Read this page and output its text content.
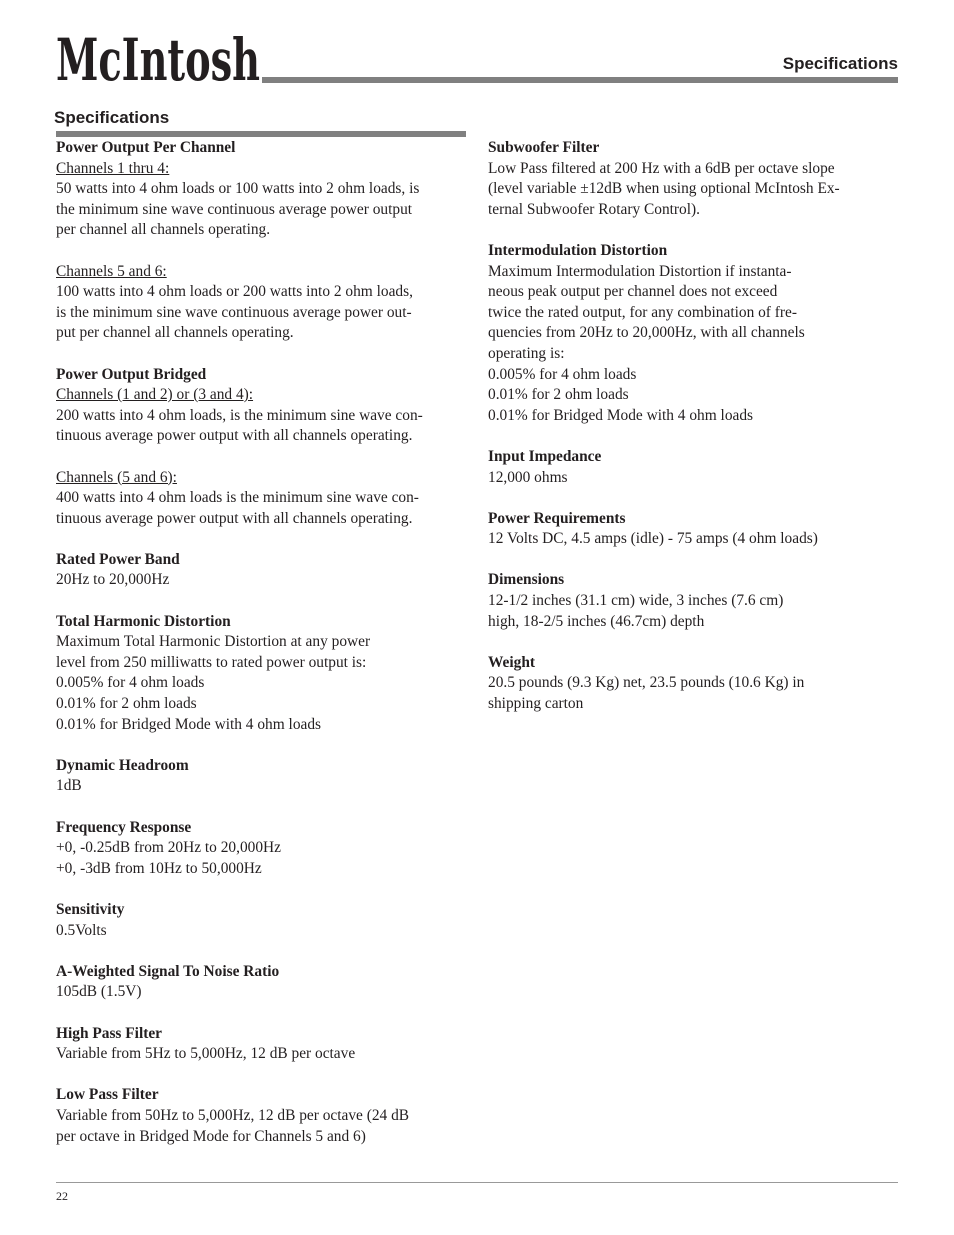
McIntosh	Specifications
Specifications
Power Output Per Channel
Channels 1 thru 4:
50 watts into 4 ohm loads or 100 watts into 2 ohm loads, is
the minimum sine wave continuous average power output
per channel all channels operating.
Channels 5 and 6:
100 watts into 4 ohm loads or 200 watts into 2 ohm loads,
is the minimum sine wave continuous average power out-
put per channel all channels operating.
Power Output Bridged
Channels (1 and 2) or (3 and 4):
200 watts into 4 ohm loads, is the minimum sine wave con-
tinuous average power output with all channels operating.
Channels (5 and 6):
400 watts into 4 ohm loads is the minimum sine wave con-
tinuous average power output with all channels operating.
Rated Power Band
20Hz to 20,000Hz
Total Harmonic Distortion
Maximum Total Harmonic Distortion at any power
level from 250 milliwatts to rated power output is:
0.005% for 4 ohm loads
0.01% for 2 ohm loads
0.01% for Bridged Mode with 4 ohm loads
Dynamic Headroom
1dB
Frequency Response
+0, -0.25dB from 20Hz to 20,000Hz
+0, -3dB from 10Hz to 50,000Hz
Sensitivity
0.5Volts
A-Weighted Signal To Noise Ratio
105dB (1.5V)
High Pass Filter
Variable from 5Hz to 5,000Hz, 12 dB per octave
Low Pass Filter
Variable from 50Hz to 5,000Hz, 12 dB per octave (24 dB
per octave in Bridged Mode for Channels 5 and 6)
Subwoofer Filter
Low Pass filtered at 200 Hz with a 6dB per octave slope
(level variable ±12dB when using optional McIntosh Ex-
ternal Subwoofer Rotary Control).
Intermodulation Distortion
Maximum Intermodulation Distortion if instanta-
neous peak output per channel does not exceed
twice the rated output, for any combination of fre-
quencies from 20Hz to 20,000Hz, with all channels
operating is:
0.005% for 4 ohm loads
0.01% for 2 ohm loads
0.01% for Bridged Mode with 4 ohm loads
Input Impedance
12,000 ohms
Power Requirements
12 Volts DC, 4.5 amps (idle) - 75 amps (4 ohm loads)
Dimensions
12-1/2 inches (31.1 cm) wide, 3 inches (7.6 cm)
high, 18-2/5 inches (46.7cm) depth
Weight
20.5 pounds (9.3 Kg) net, 23.5 pounds (10.6 Kg) in
shipping carton
22
